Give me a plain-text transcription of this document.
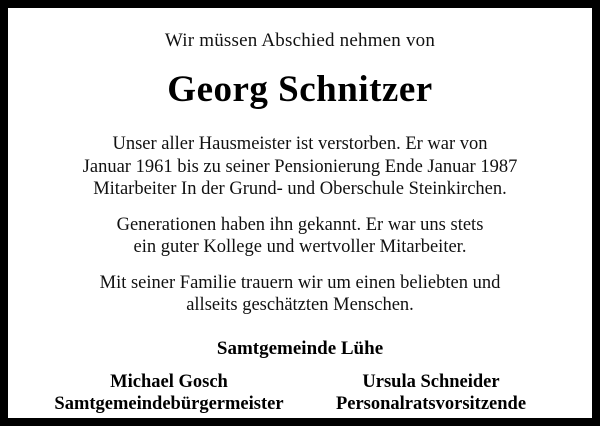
Wir müssen Abschied nehmen von
Georg Schnitzer
Unser aller Hausmeister ist verstorben. Er war von
Januar 1961 bis zu seiner Pensionierung Ende Januar 1987
Mitarbeiter In der Grund- und Oberschule Steinkirchen.
Generationen haben ihn gekannt. Er war uns stets
ein guter Kollege und wertvoller Mitarbeiter.
Mit seiner Familie trauern wir um einen beliebten und
allseits geschätzten Menschen.
Samtgemeinde Lühe
Michael Gosch
Samtgemeindebürgermeister
Ursula Schneider
Personalratsvorsitzende
